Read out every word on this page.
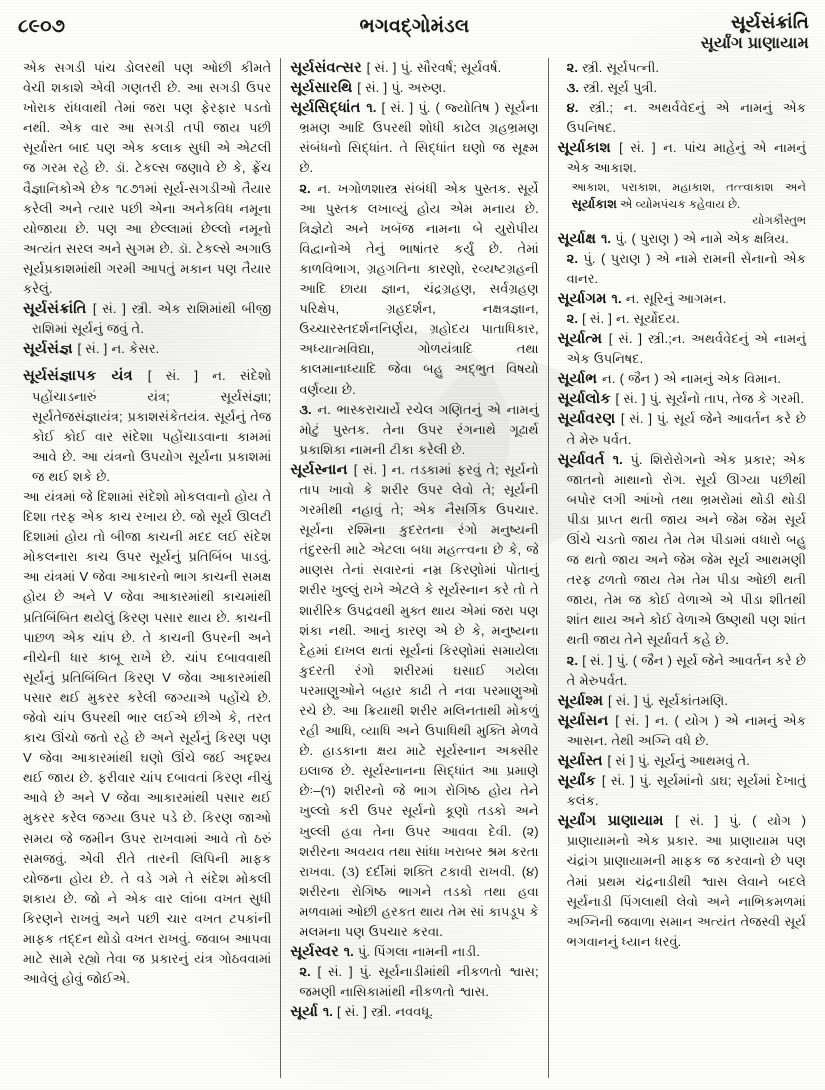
૮૯૦૭	ભગવદ્ગોમંડલ	સૂર્યસંક્રાંતિ
સૂર્યાંગ પ્રાણાયામ

એક સગડી પાંચ ડોલરથી પણ ઓછી કીમતે વેચી શકાશે એવી ગણતરી છે. આ સગડી ઉપર ખોરાક રાંધવાથી તેમાં જરા પણ ફેરફાર પડતો નથી. એક વાર આ સગડી તપી જાય પછી સૂર્યાસ્ત બાદ પણ એક કલાક સુધી એ એટલી જ ગરમ રહે છે. ડૉ. ટેકલ્સ જણાવે છે કે, ફ્રેંચ વૈજ્ઞાનિકોએ છેક ૧૮૭૧માં સૂર્ય‑સગડીઓ તૈયાર કરેલી અને ત્યાર પછી એના અનેકવિધ નમૂના યોજાયા છે. પણ આ છેલ્લામાં છેલ્લો નમૂનો અત્યંત સરલ અને સુગમ છે. ડૉ. ટેકલ્સે અગાઉ સૂર્યપ્રકાશમાંથી ગરમી આપતું મકાન પણ તૈયાર કરેલું.

સૂર્યસંક્રાંતિ [ સં. ] સ્ત્રી. એક રાશિમાંથી બીજી રાશિમાં સૂર્યનું જવું તે.

સૂર્યસંજ્ઞ [ સં. ] ન. કેસર.

સૂર્યસંજ્ઞાપક યંત્ર [ સં. ] ન. સંદેશો પહોંચાડનારું યંત્ર; સૂર્યસંજ્ઞા; સૂર્યતેજસંજ્ઞાયંત્ર; પ્રકાશસંકેતયંત્ર. સૂર્યનું તેજ કોઈ કોઈ વાર સંદેશા પહોંચાડવાના કામમાં આવે છે. આ યંત્રનો ઉપયોગ સૂર્યના પ્રકાશમાં જ થઈ શકે છે.

આ યંત્રમાં જે દિશામાં સંદેશો મોકલવાનો હોય તે દિશા તરફ એક કાચ રખાય છે. જો સૂર્ય ઊલટી દિશામાં હોય તો બીજા કાચની મદદ લઈ સંદેશ મોકલનારા કાચ ઉપર સૂર્યનું પ્રતિબિંબ પાડવું. આ યંત્રમાં V જેવા આકારનો ભાગ કાચની સમક્ષ હોય છે અને V જેવા આકારમાંથી કાચમાંથી પ્રતિબિંબિત થયેલું કિરણ પસાર થાય છે. કાચની પાછળ એક ચાંપ છે. તે કાચની ઉપરની અને નીચેની ધાર કાબૂ રાખે છે. ચાંપ દબાવવાથી સૂર્યનું પ્રતિબિંબિત કિરણ V જેવા આકારમાંથી પસાર થઈ મુકરર કરેલી જગ્યાએ પહોંચે છે. જેવો ચાંપ ઉપરથી ભાર લઈએ છીએ કે, તરત કાચ ઊંચો જતો રહે છે અને સૂર્યનું કિરણ પણ V જેવા આકારમાંથી ઘણો ઊંચે જઈ અદૃશ્ય થઈ જાય છે. ફરીવાર ચાંપ દબાવતાં કિરણ નીચું આવે છે અને V જેવા આકારમાંથી પસાર થઈ મુકરર કરેલ જગ્યા ઉપર પડે છે. કિરણ જાઓ સમય જે જમીન ઉપર રાખવામાં આવે તો ઠરું સમજવું. એવી રીતે તારની લિપિની માફક યોજના હોય છે. તે વડે ગમે તે સંદેશ મોકલી શકાય છે. જો ને એક વાર લાંબા વખત સુધી કિરણને રાખવું અને પછી ચાર વખત ટપકાંની માફક તદ્દન થોડો વખત રાખવું. જવાબ આપવા માટે સામે રહ્યો તેવા જ પ્રકારનું યંત્ર ગોઠવવામાં આવેલું હોવું જોઈએ.

સૂર્યસંવત્સર [ સં. ] પું. સૌરવર્ષ; સૂર્યવર્ષ.

સૂર્યસારથિ [ સં. ] પું. અરુણ.

સૂર્યસિદ્ધાંત ૧. [ સં. ] પું. ( જ્યોતિષ ) સૂર્યના ભ્રમણ આદિ ઉપરથી શોધી કાઢેલ ગ્રહભ્રમણ સંબંધનો સિદ્ધાંત. તે સિદ્ધાંત ઘણો જ સૂક્ષ્મ છે.

૨. ન. ખગોળશાસ્ત્ર સંબંધી એક પુસ્તક. સૂર્યે આ પુસ્તક લખાવ્યું હોય એમ મનાય છે. ત્રિજ્ઞેટો અને ખબૅજ નામના બે યુરોપીય વિદ્વાનોએ તેનું ભાષાંતર કર્યું છે. તેમાં કાળવિભાગ, ગ્રહગતિના કારણો, રવ્યષ્ટગ્રહની આદિ છાયા જ્ઞાન, ચંદ્રગ્રહણ, સર્વગ્રહણ પરિક્ષેપ, ગ્રહદર્શન, નક્ષત્રજ્ઞાન, ઉચ્ચારસ્તદર્શનનિર્ણય, ગ્રહોદય પાતાધિકાર, અધ્યાત્મવિદ્યા, ગોળયંત્રાદિ તથા કાલમાનાધ્યાદિ જેવા બહુ અદ્ભુત વિષયો વર્ણવ્યા છે.

૩. ન. ભાસ્કરાચાર્યે રચેલ ગણિતનું એ નામનું મોટું પુસ્તક. તેના ઉપર રંગનાથે ગૂઢાર્થ પ્રકાશિકા નામની ટીકા કરેલી છે.

સૂર્યસ્નાન [ સં. ] ન. તડકામાં ફરવું તે; સૂર્યનો તાપ ખાવો કે શરીર ઉપર લેવો તે; સૂર્યની ગરમીથી નહાવું તે; એક નૈસર્ગિક ઉપચાર. સૂર્યના રશ્મિના કુદરતના રંગો મનુષ્યની તંદુરસ્તી માટે એટલા બધા મહત્ત્વના છે કે, જે માણસ તેનાં સવારનાં નમ્ર કિરણોમાં પોતાનું શરીર ખુલ્લું રાખે એટલે કે સૂર્યસ્નાન કરે તો તે શારીરિક ઉપદ્રવથી મુક્ત થાય એમાં જરા પણ શંકા નથી. આનું કારણ એ છે કે, મનુષ્યના દેહમાં દાખલ થતાં સૂર્યનાં કિરણોમાં સમાયેલા કુદરતી રંગો શરીરમાં ઘસાઈ ગયેલા પરમાણુઓને બહાર કાઢી તે નવા પરમાણુઓ રચે છે. આ ક્રિયાથી શરીર મલિનતાથી મોકળું રહી આધિ, વ્યાધિ અને ઉપાધિથી મુક્તિ મેળવે છે. હાડકાના ક્ષય માટે સૂર્યસ્નાન અક્સીર ઇલાજ છે. સૂર્યસ્નાનના સિદ્ધાંત આ પ્રમાણે છેઃ–(૧) શરીરનો જે ભાગ રોગિષ્ઠ હોય તેને ખુલ્લો કરી ઉપર સૂર્યનો કૂણો તડકો અને ખુલ્લી હવા તેના ઉપર આવવા દેવી. (૨) શરીરના અવયવ તથા સાંધા ખરાબર શ્રમ કરતા રાખવા. (૩) દર્દીમાં શક્તિ ટકાવી રાખવી. (૪) શરીરના રોગિષ્ઠ ભાગને તડકો તથા હવા મળવામાં ઓછી હરકત થાય તેમ સાં કાપડૂપ કે મલમના પણ ઉપચાર કરવા.

સૂર્યસ્વર ૧. પું. પિંગલા નામની નાડી.

૨. [ સં. ] પું. સૂર્યનાડીમાંથી નીકળતો શ્વાસ; જમણી નાસિકામાંથી નીકળતો શ્વાસ.

સૂર્યા ૧. [ સં. ] સ્ત્રી. નવવધૂ.

૨. સ્ત્રી. સૂર્યપત્ની.

૩. સ્ત્રી. સૂર્ય પુત્રી.

૪. સ્ત્રી.; ન. અથર્વવેદનું એ નામનું એક ઉપનિષદ.

સૂર્યાકાશ [ સં. ] ન. પાંચ માહેનું એ નામનું એક આકાશ.

આકાશ, પરાકાશ, મહાકાશ, તત્ત્વાકાશ અને સૂર્યાકાશ એ વ્યોમપંચક કહેવાય છે.

યોગકૌસ્તુભ

સૂર્યાક્ષ ૧. પું. ( પુરાણ ) એ નામે એક ક્ષત્રિય.

૨. પું. ( પુરાણ ) એ નામે રામની સેનાનો એક વાનર.

સૂર્યાગમ ૧. ન. સૂરિનું આગમન.

૨. [ સં. ] ન. સૂર્યોદય.

સૂર્યાત્મ [ સં. ] સ્ત્રી.;ન. અથર્વવેદનું એ નામનું એક ઉપનિષદ.

સૂર્યાભ ન. ( જૈન ) એ નામનું એક વિમાન.

સૂર્યાલોક [ સં. ] પું. સૂર્યનો તાપ, તેજ કે ગરમી.

સૂર્યાવરણ [ સં. ] પું. સૂર્ય જેને આવર્તન કરે છે તે મેરુ પર્વત.

સૂર્યાવર્ત ૧. પું. શિરોરોગનો એક પ્રકાર; એક જાતનો માથાનો રોગ. સૂર્ય ઊગ્યા પછીથી બપોર લગી આંખો તથા ભ્રમરોમાં થોડી થોડી પીડા પ્રાપ્ત થતી જાય અને જેમ જેમ સૂર્ય ઊંચે ચડતો જાય તેમ તેમ પીડામાં વધારો બહુ જ થતો જાય અને જેમ જેમ સૂર્ય આથમણી તરફ ઢળતો જાય તેમ તેમ પીડા ઓછી થતી જાય, તેમ જ કોઈ વેળાએ એ પીડા શીતથી શાંત થાય અને કોઈ વેળાએ ઉષ્ણથી પણ શાંત થતી જાય તેને સૂર્યાવર્ત કહે છે.

૨. [ સં. ] પું. ( જૈન ) સૂર્ય જેને આવર્તન કરે છે તે મેરુપર્વત.

સૂર્યાશ્મ [ સં. ] પું. સૂર્યકાંતમણિ.

સૂર્યાસન [ સં. ] ન. ( યોગ ) એ નામનું એક આસન. તેથી અગ્નિ વધે છે.

સૂર્યાસ્ત [ સં ] પું. સૂર્યનું આથમવું તે.

સૂર્યાંક [ સં. ] પું. સૂર્યમાંનો ડાઘ; સૂર્યમાં દેખાતું કલંક.

સૂર્યાંગ પ્રાણાયામ [ સં. ] પું. ( યોગ ) પ્રાણાયામનો એક પ્રકાર. આ પ્રાણાયામ પણ ચંદ્રાંગ પ્રાણાયામની માફક જ કરવાનો છે પણ તેમાં પ્રથમ ચંદ્રનાડીથી શ્વાસ લેવાને બદલે સૂર્યનાડી પિંગલાથી લેવો અને નાભિકમળમાં અગ્નિની જવાળા સમાન અત્યંત તેજસ્વી સૂર્ય ભગવાનનું ધ્યાન ધરવું.
